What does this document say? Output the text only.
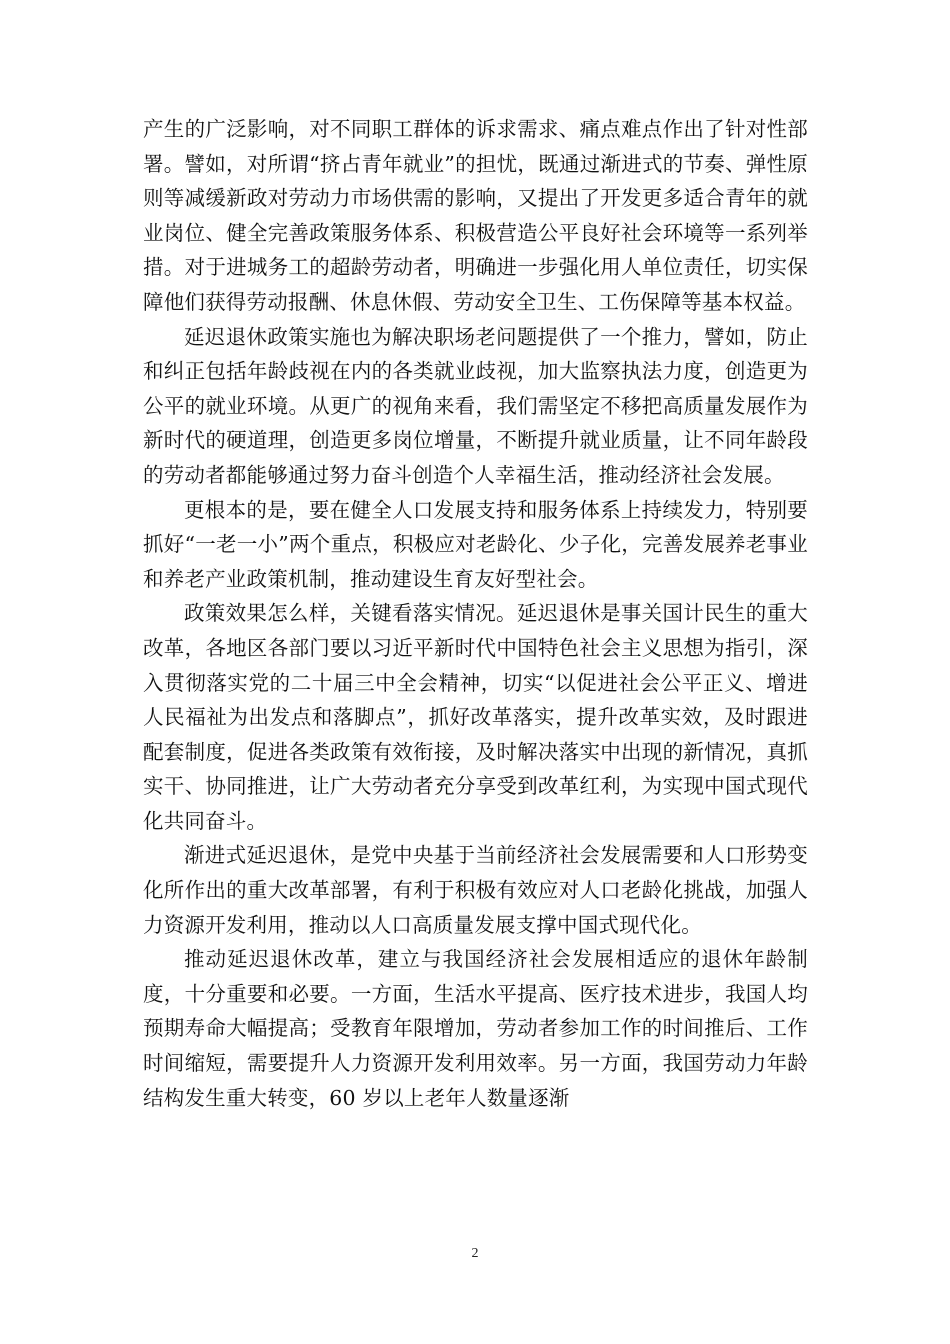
产生的广泛影响，对不同职工群体的诉求需求、痛点难点作出了针对性部署。譬如，对所谓“挤占青年就业”的担忧，既通过渐进式的节奏、弹性原则等减缓新政对劳动力市场供需的影响，又提出了开发更多适合青年的就业岗位、健全完善政策服务体系、积极营造公平良好社会环境等一系列举措。对于进城务工的超龄劳动者，明确进一步强化用人单位责任，切实保障他们获得劳动报酬、休息休假、劳动安全卫生、工伤保障等基本权益。

延迟退休政策实施也为解决职场老问题提供了一个推力，譬如，防止和纠正包括年龄歧视在内的各类就业歧视，加大监察执法力度，创造更为公平的就业环境。从更广的视角来看，我们需坚定不移把高质量发展作为新时代的硬道理，创造更多岗位增量，不断提升就业质量，让不同年龄段的劳动者都能够通过努力奋斗创造个人幸福生活，推动经济社会发展。

更根本的是，要在健全人口发展支持和服务体系上持续发力，特别要抓好“一老一小”两个重点，积极应对老龄化、少子化，完善发展养老事业和养老产业政策机制，推动建设生育友好型社会。

政策效果怎么样，关键看落实情况。延迟退休是事关国计民生的重大改革，各地区各部门要以习近平新时代中国特色社会主义思想为指引，深入贯彻落实党的二十届三中全会精神，切实“以促进社会公平正义、增进人民福祉为出发点和落脚点”，抓好改革落实，提升改革实效，及时跟进配套制度，促进各类政策有效衔接，及时解决落实中出现的新情况，真抓实干、协同推进，让广大劳动者充分享受到改革红利，为实现中国式现代化共同奋斗。

渐进式延迟退休，是党中央基于当前经济社会发展需要和人口形势变化所作出的重大改革部署，有利于积极有效应对人口老龄化挑战，加强人力资源开发利用，推动以人口高质量发展支撑中国式现代化。

推动延迟退休改革，建立与我国经济社会发展相适应的退休年龄制度，十分重要和必要。一方面，生活水平提高、医疗技术进步，我国人均预期寿命大幅提高；受教育年限增加，劳动者参加工作的时间推后、工作时间缩短，需要提升人力资源开发利用效率。另一方面，我国劳动力年龄结构发生重大转变，60 岁以上老年人数量逐渐

2
